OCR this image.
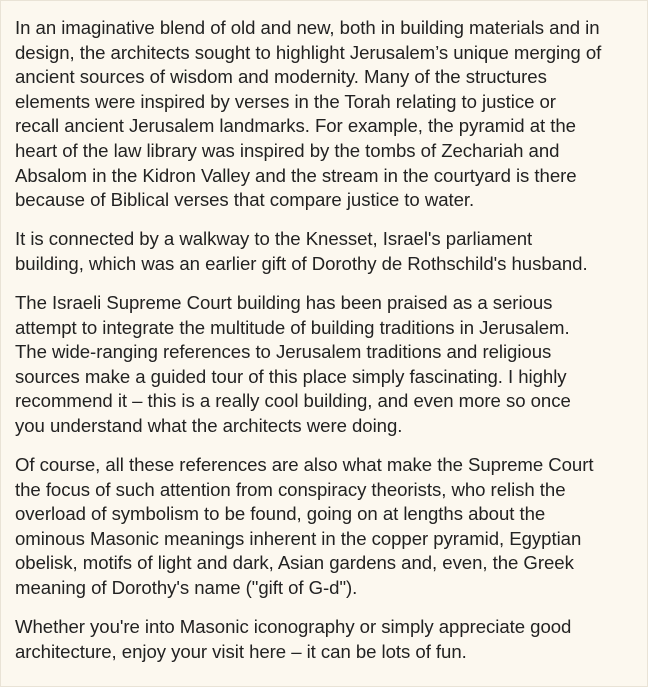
In an imaginative blend of old and new, both in building materials and in
design, the architects sought to highlight Jerusalem’s unique merging of
ancient sources of wisdom and modernity. Many of the structures
elements were inspired by verses in the Torah relating to justice or
recall ancient Jerusalem landmarks. For example, the pyramid at the
heart of the law library was inspired by the tombs of Zechariah and
Absalom in the Kidron Valley and the stream in the courtyard is there
because of Biblical verses that compare justice to water.

It is connected by a walkway to the Knesset, Israel's parliament
building, which was an earlier gift of Dorothy de Rothschild's husband.

The Israeli Supreme Court building has been praised as a serious
attempt to integrate the multitude of building traditions in Jerusalem.
The wide-ranging references to Jerusalem traditions and religious
sources make a guided tour of this place simply fascinating. I highly
recommend it – this is a really cool building, and even more so once
you understand what the architects were doing.

Of course, all these references are also what make the Supreme Court
the focus of such attention from conspiracy theorists, who relish the
overload of symbolism to be found, going on at lengths about the
ominous Masonic meanings inherent in the copper pyramid, Egyptian
obelisk, motifs of light and dark, Asian gardens and, even, the Greek
meaning of Dorothy's name ("gift of G-d").

Whether you're into Masonic iconography or simply appreciate good
architecture, enjoy your visit here – it can be lots of fun.
